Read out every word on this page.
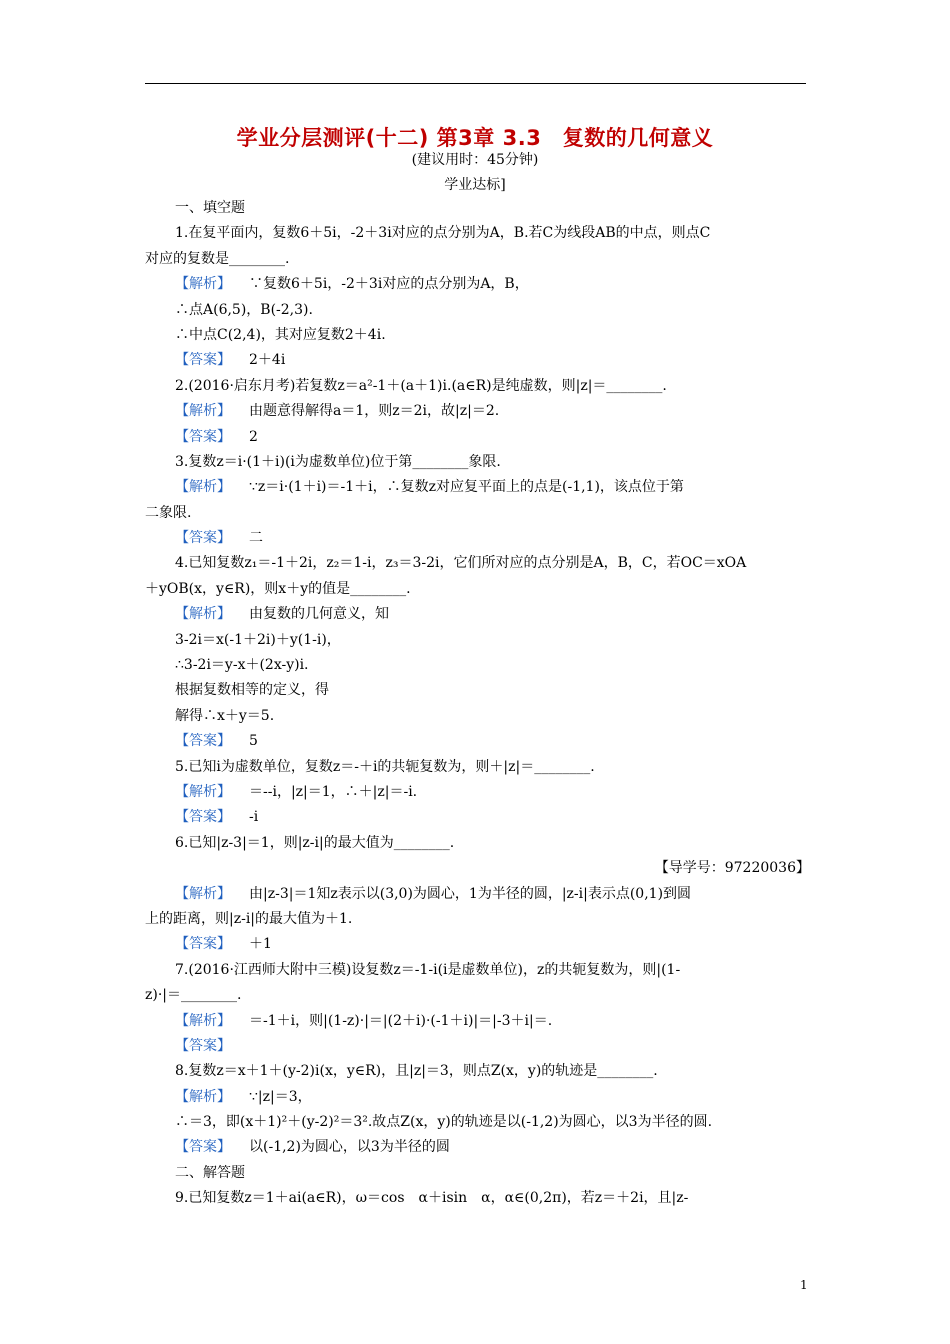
学业分层测评(十二) 第3章 3.3　复数的几何意义
(建议用时：45分钟)
学业达标]
一、填空题
1.在复平面内，复数6＋5i，-2＋3i对应的点分别为A，B.若C为线段AB的中点，则点C
对应的复数是________.
【解析】 ∵复数6＋5i，-2＋3i对应的点分别为A，B，
∴点A(6,5)，B(-2,3).
∴中点C(2,4)，其对应复数2＋4i.
【答案】 2＋4i
2.(2016·启东月考)若复数z＝a²-1＋(a＋1)i.(a∈R)是纯虚数，则|z|＝________.
【解析】 由题意得解得a＝1，则z＝2i，故|z|＝2.
【答案】 2
3.复数z＝i·(1＋i)(i为虚数单位)位于第________象限.
【解析】 ∵z＝i·(1＋i)＝-1＋i，∴复数z对应复平面上的点是(-1,1)，该点位于第
二象限.
【答案】 二
4.已知复数z₁＝-1＋2i，z₂＝1-i，z₃＝3-2i，它们所对应的点分别是A，B，C，若OC＝xOA
＋yOB(x，y∈R)，则x＋y的值是________.
【解析】 由复数的几何意义，知
3-2i＝x(-1＋2i)＋y(1-i)，
∴3-2i＝y-x＋(2x-y)i.
根据复数相等的定义，得
解得∴x＋y＝5.
【答案】 5
5.已知i为虚数单位，复数z＝-＋i的共轭复数为，则＋|z|＝________.
【解析】 ＝--i，|z|＝1，∴＋|z|＝-i.
【答案】 -i
6.已知|z-3|＝1，则|z-i|的最大值为________.
【导学号：97220036】
【解析】 由|z-3|＝1知z表示以(3,0)为圆心，1为半径的圆，|z-i|表示点(0,1)到圆
上的距离，则|z-i|的最大值为＋1.
【答案】 ＋1
7.(2016·江西师大附中三模)设复数z＝-1-i(i是虚数单位)，z的共轭复数为，则|(1-
z)·|＝________.
【解析】 ＝-1＋i，则|(1-z)·|＝|(2＋i)·(-1＋i)|＝|-3＋i|＝.
【答案】
8.复数z＝x＋1＋(y-2)i(x，y∈R)，且|z|＝3，则点Z(x，y)的轨迹是________.
【解析】 ∵|z|＝3，
∴＝3，即(x＋1)²＋(y-2)²＝3².故点Z(x，y)的轨迹是以(-1,2)为圆心，以3为半径的圆.
【答案】 以(-1,2)为圆心，以3为半径的圆
二、解答题
9.已知复数z＝1＋ai(a∈R)，ω＝cos　α＋isin　α，α∈(0,2π)，若z＝＋2i，且|z-
1
